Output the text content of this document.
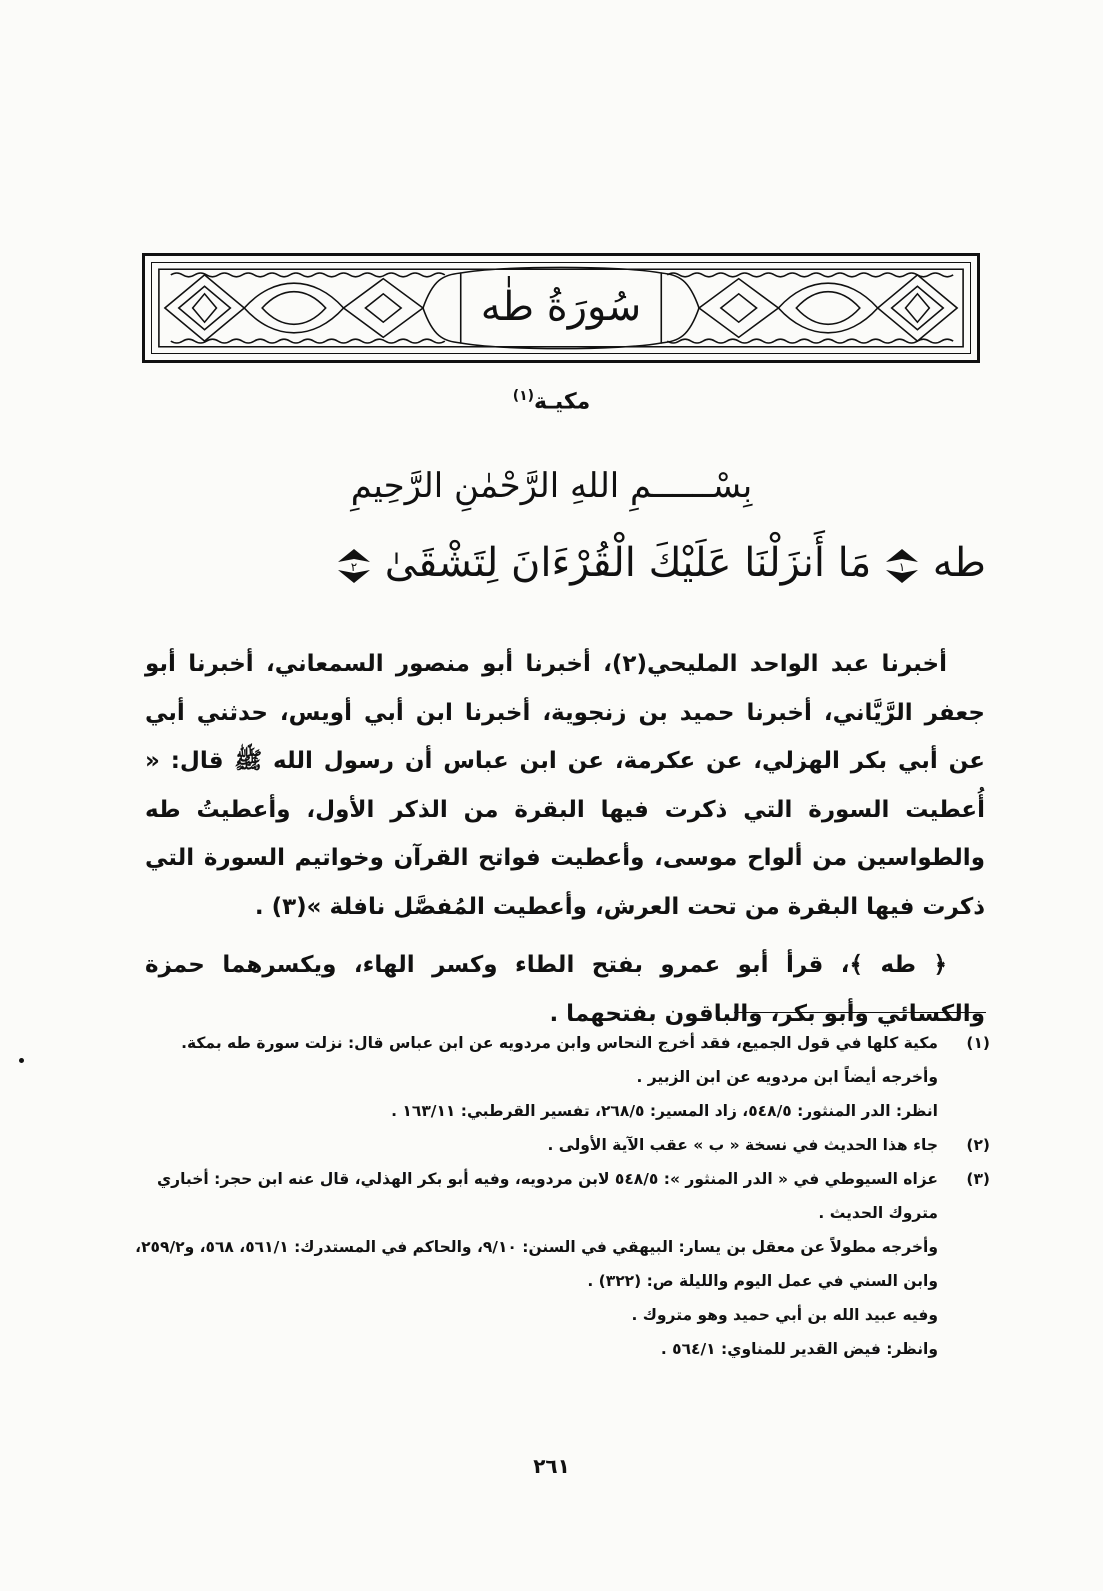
سُورَةُ طٰه
مكيـة$^{(١)}$
بِسْــــــمِ اللهِ الرَّحْمٰنِ الرَّحِيمِ
طه
١
مَا أَنزَلْنَا عَلَيْكَ الْقُرْءَانَ لِتَشْقَىٰ
٢

أخبرنا عبد الواحد المليحي(٢)، أخبرنا أبو منصور السمعاني، أخبرنا أبو جعفر الرَّيَّاني، أخبرنا حميد بن زنجوية، أخبرنا ابن أبي أويس، حدثني أبي عن أبي بكر الهزلي، عن عكرمة، عن ابن عباس أن رسول الله ﷺ قال: « أُعطيت السورة التي ذكرت فيها البقرة من الذكر الأول، وأعطيتُ طه والطواسين من ألواح موسى، وأعطيت فواتح القرآن وخواتيم السورة التي ذكرت فيها البقرة من تحت العرش، وأعطيت المُفصَّل نافلة »(٣) .

﴿ طه ﴾، قرأ أبو عمرو بفتح الطاء وكسر الهاء، ويكسرهما حمزة والكسائي وأبو بكر، والباقون بفتحهما .

(١)
مكية كلها في قول الجميع، فقد أخرج النحاس وابن مردويه عن ابن عباس قال: نزلت سورة طه بمكة. وأخرجه أيضاً ابن مردويه عن ابن الزبير .
انظر: الدر المنثور: ٥٤٨/٥، زاد المسير: ٢٦٨/٥، تفسير القرطبي: ١٦٣/١١ .
(٢)
جاء هذا الحديث في نسخة « ب » عقب الآية الأولى .
(٣)
عزاه السيوطي في « الدر المنثور »: ٥٤٨/٥ لابن مردويه، وفيه أبو بكر الهذلي، قال عنه ابن حجر: أخباري متروك الحديث .
وأخرجه مطولاً عن معقل بن يسار: البيهقي في السنن: ٩/١٠، والحاكم في المستدرك: ٥٦١/١، ٥٦٨، و٢٥٩/٢، وابن السني في عمل اليوم والليلة ص: (٣٢٢) .
وفيه عبيد الله بن أبي حميد وهو متروك .
وانظر: فيض القدير للمناوي: ٥٦٤/١ .
٢٦١
